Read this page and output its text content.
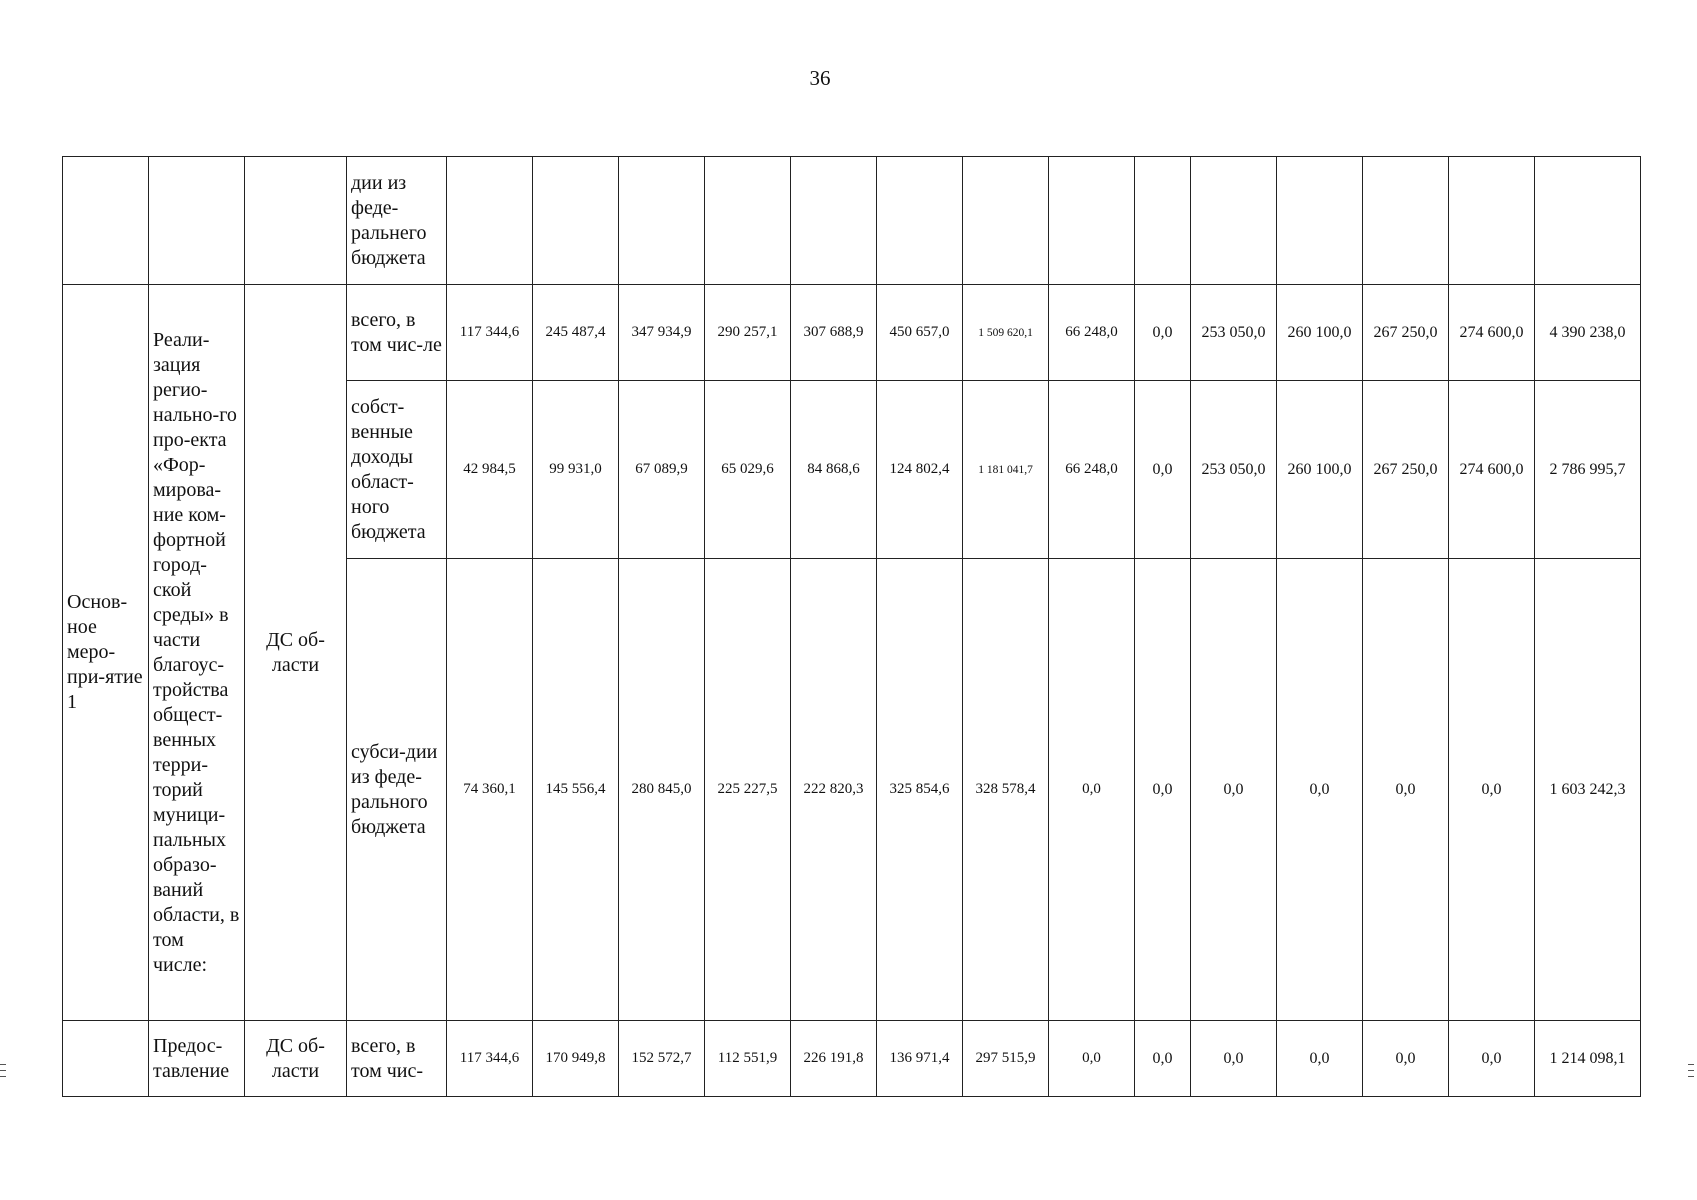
36
			дии из феде-ральнего бюджета														
Основ-ное меро-при-ятие 1	Реали-зация регио-нально-го про-екта «Фор-мирова-ние ком-фортной город-ской среды» в части благоус-тройства общест-венных терри-торий муници-пальных образо-ваний области, в том числе:	ДС об-ласти	всего, в том чис-ле	117 344,6	245 487,4	347 934,9	290 257,1	307 688,9	450 657,0	1 509 620,1	66 248,0	0,0	253 050,0	260 100,0	267 250,0	274 600,0	4 390 238,0
			собст-венные доходы област-ного бюджета	42 984,5	99 931,0	67 089,9	65 029,6	84 868,6	124 802,4	1 181 041,7	66 248,0	0,0	253 050,0	260 100,0	267 250,0	274 600,0	2 786 995,7
			субси-дии из феде-рального бюджета	74 360,1	145 556,4	280 845,0	225 227,5	222 820,3	325 854,6	328 578,4	0,0	0,0	0,0	0,0	0,0	0,0	1 603 242,3
	Предос-тавление	ДС об-ласти	всего, в том чис-	117 344,6	170 949,8	152 572,7	112 551,9	226 191,8	136 971,4	297 515,9	0,0	0,0	0,0	0,0	0,0	0,0	1 214 098,1
